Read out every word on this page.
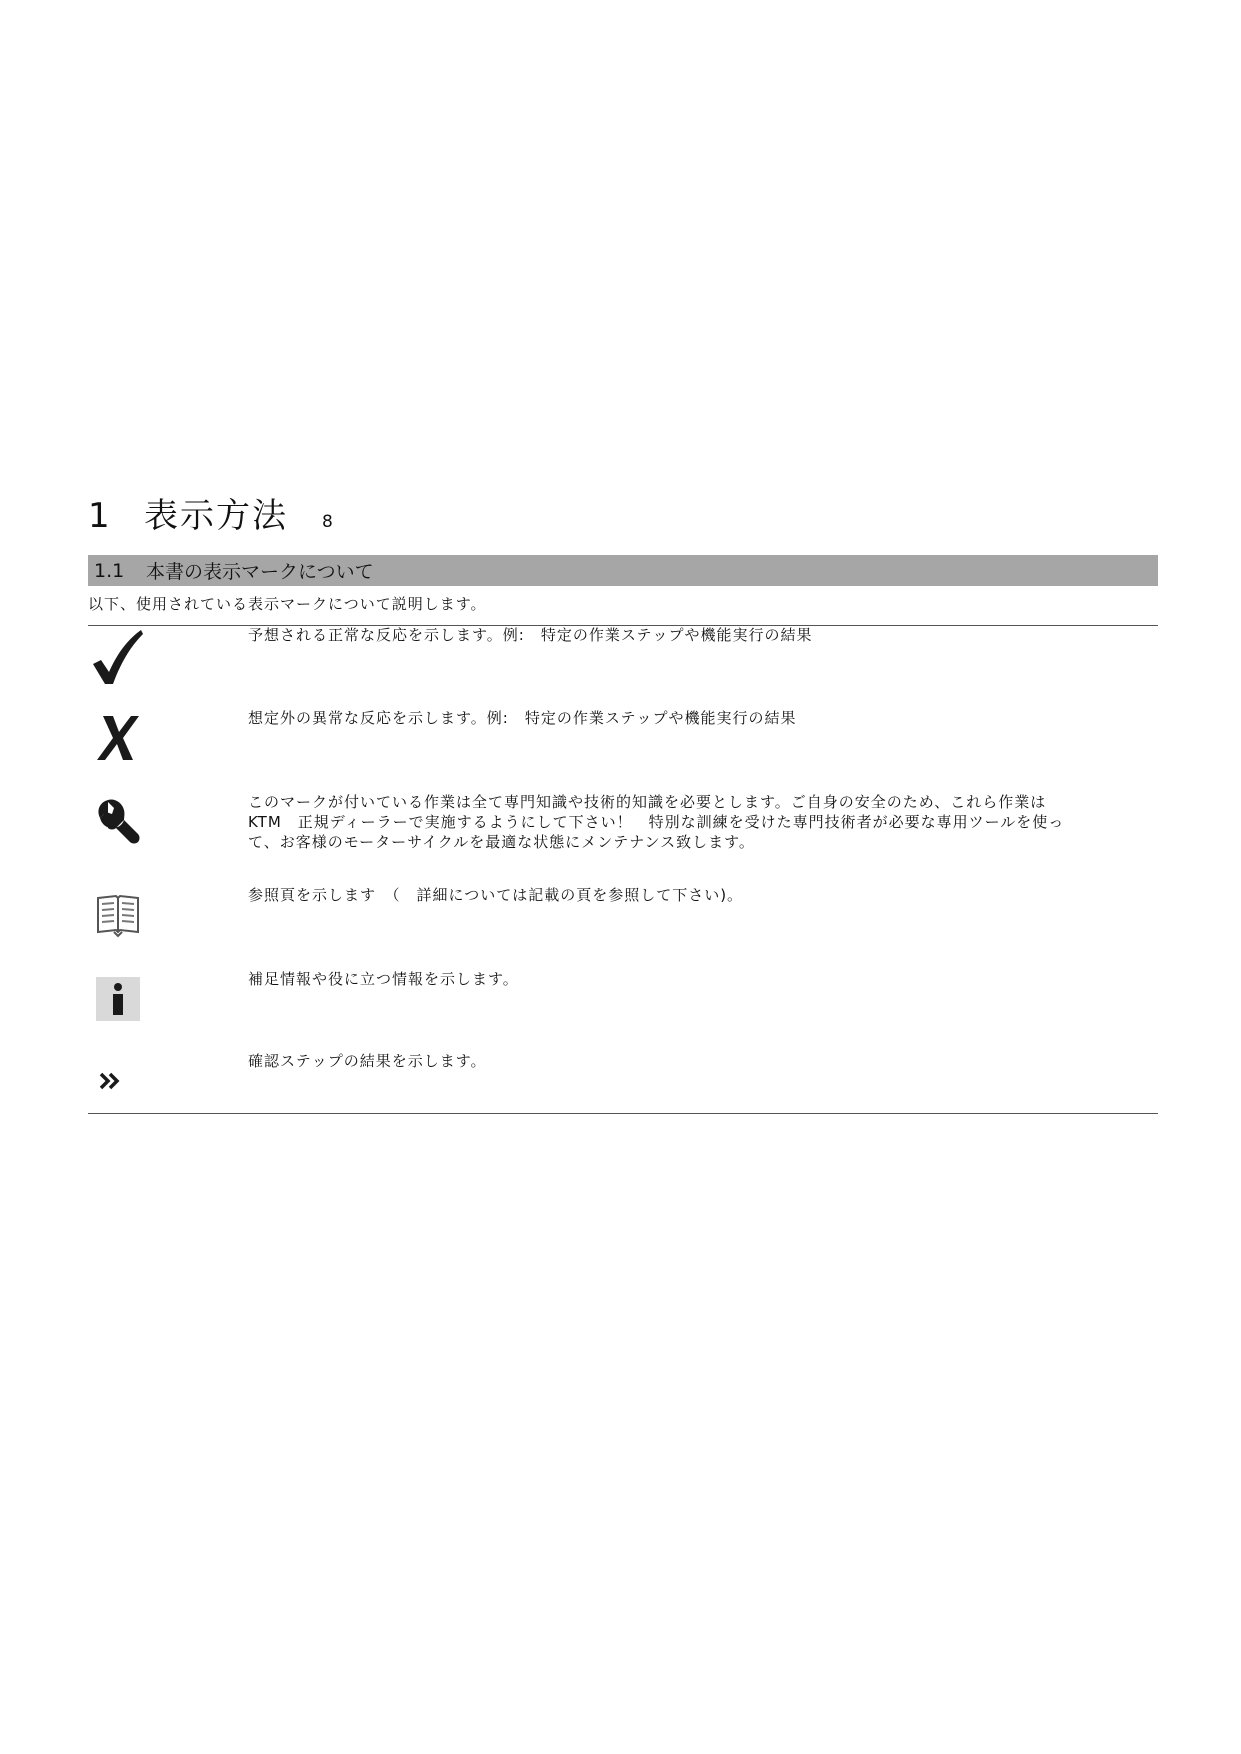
1	表示方法 8
1.1	本書の表示マークについて
以下、使用されている表示マークについて説明します。
予想される正常な反応を示します。例:　特定の作業ステップや機能実行の結果
想定外の異常な反応を示します。例:　特定の作業ステップや機能実行の結果
このマークが付いている作業は全て専門知識や技術的知識を必要とします。ご自身の安全のため、これら作業は
KTM　正規ディーラーで実施するようにして下さい！　特別な訓練を受けた専門技術者が必要な専用ツールを使っ
て、お客様のモーターサイクルを最適な状態にメンテナンス致します。
参照頁を示します　（　詳細については記載の頁を参照して下さい)。
補足情報や役に立つ情報を示します。
確認ステップの結果を示します。
